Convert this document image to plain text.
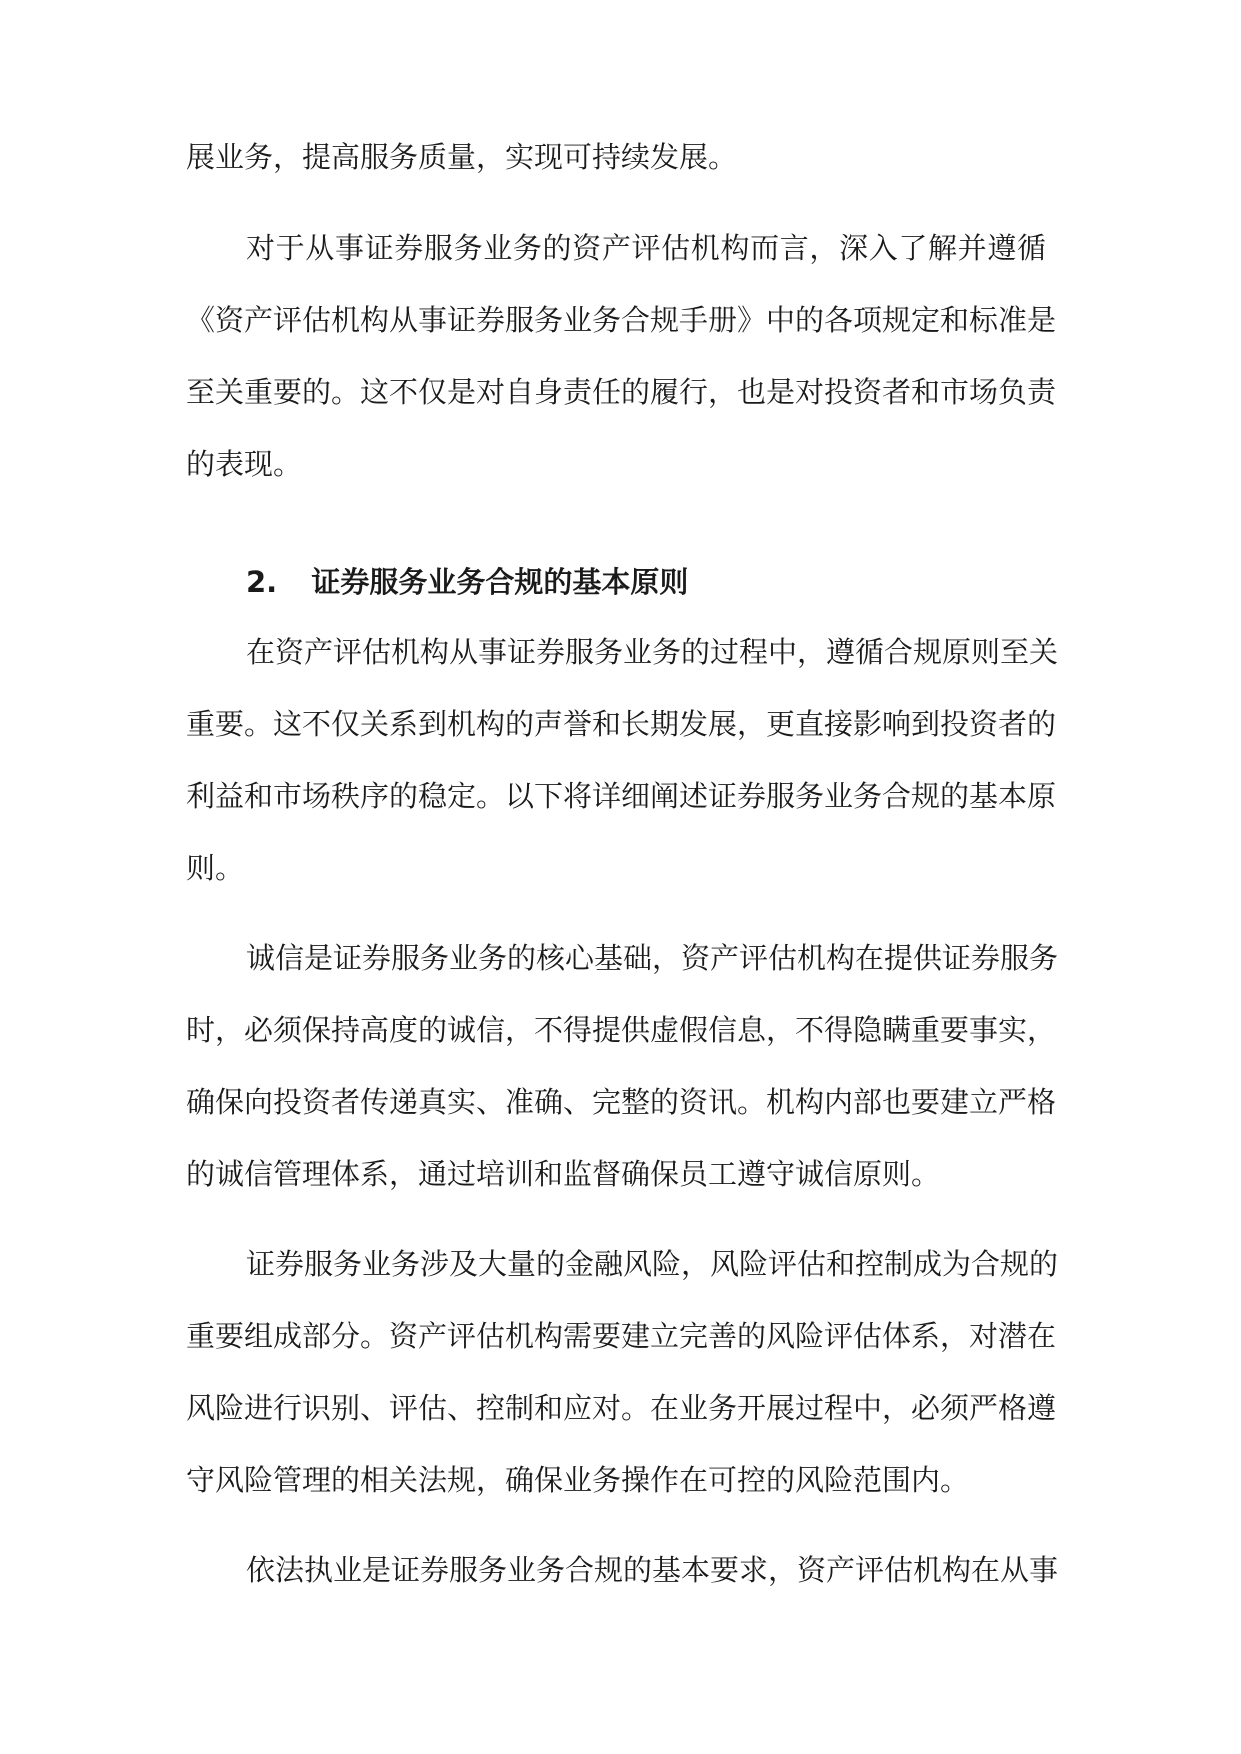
展业务，提高服务质量，实现可持续发展。
对于从事证券服务业务的资产评估机构而言，深入了解并遵循
《资产评估机构从事证券服务业务合规手册》中的各项规定和标准是
至关重要的。这不仅是对自身责任的履行，也是对投资者和市场负责
的表现。
2. 证券服务业务合规的基本原则
在资产评估机构从事证券服务业务的过程中，遵循合规原则至关
重要。这不仅关系到机构的声誉和长期发展，更直接影响到投资者的
利益和市场秩序的稳定。以下将详细阐述证券服务业务合规的基本原
则。
诚信是证券服务业务的核心基础，资产评估机构在提供证券服务
时，必须保持高度的诚信，不得提供虚假信息，不得隐瞒重要事实，
确保向投资者传递真实、准确、完整的资讯。机构内部也要建立严格
的诚信管理体系，通过培训和监督确保员工遵守诚信原则。
证券服务业务涉及大量的金融风险，风险评估和控制成为合规的
重要组成部分。资产评估机构需要建立完善的风险评估体系，对潜在
风险进行识别、评估、控制和应对。在业务开展过程中，必须严格遵
守风险管理的相关法规，确保业务操作在可控的风险范围内。
依法执业是证券服务业务合规的基本要求，资产评估机构在从事
